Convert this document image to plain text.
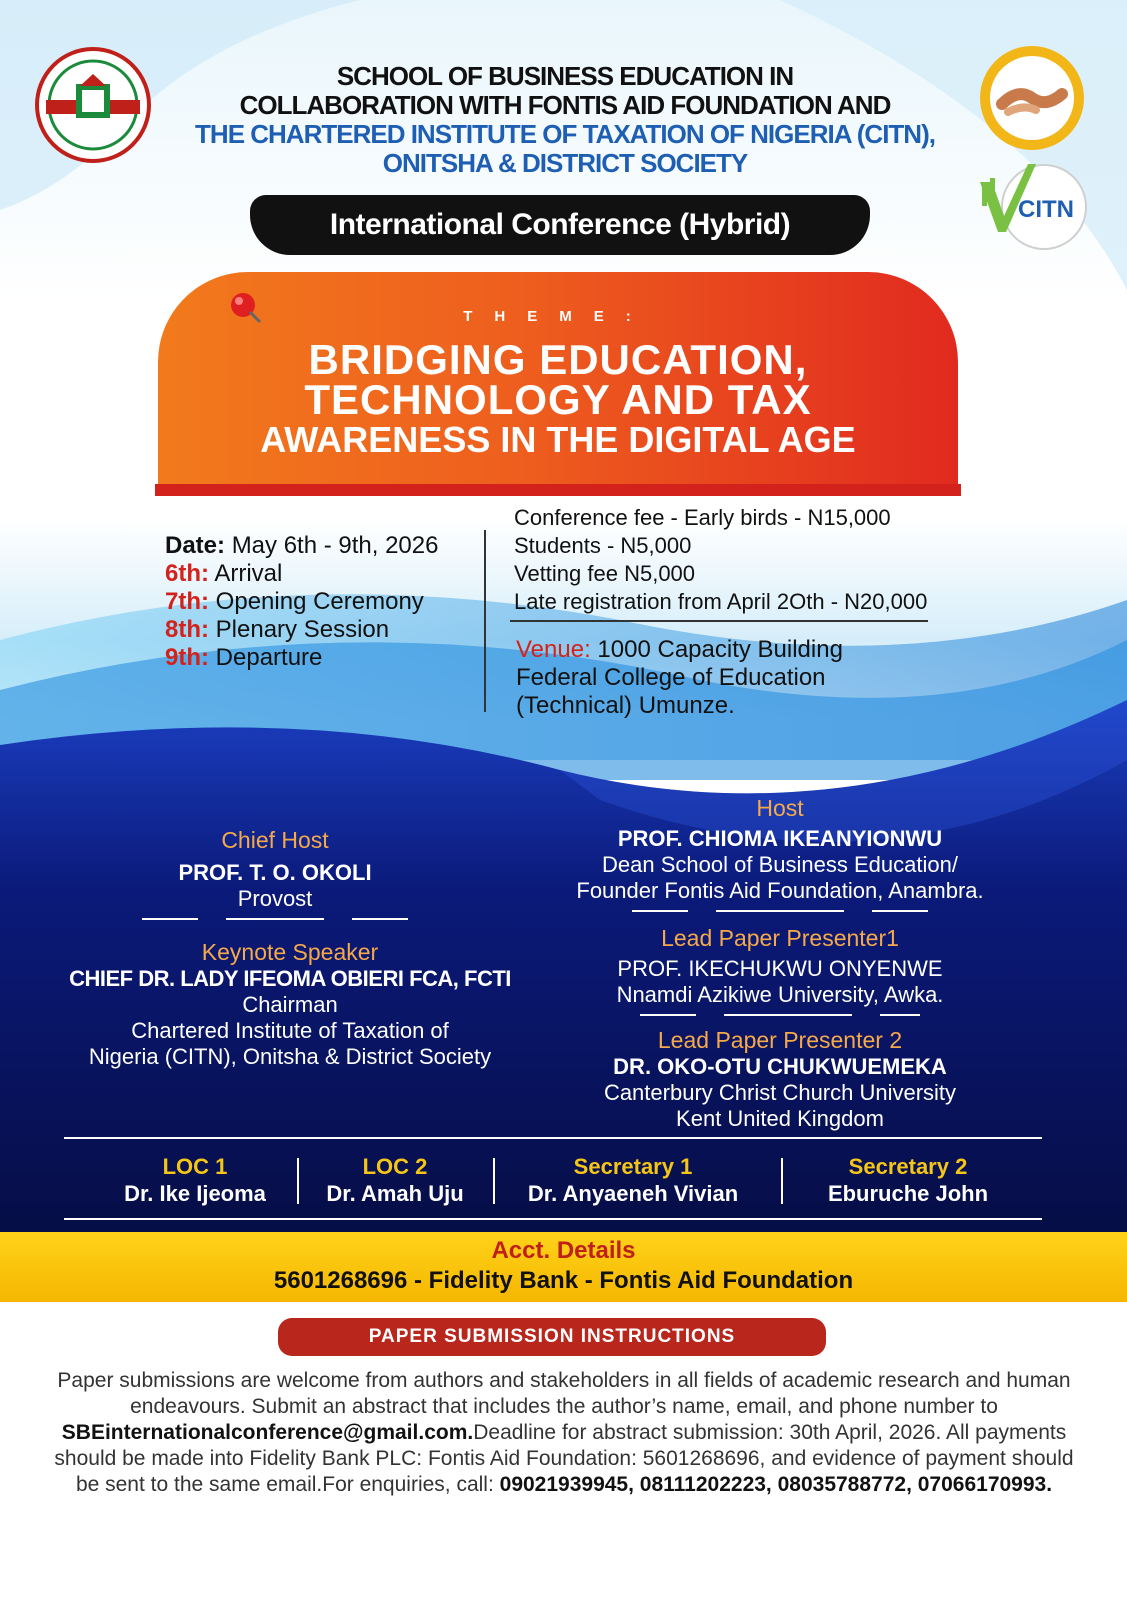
CITN
SCHOOL OF BUSINESS EDUCATION IN
COLLABORATION WITH FONTIS AID FOUNDATION AND
THE CHARTERED INSTITUTE OF TAXATION OF NIGERIA (CITN),
ONITSHA & DISTRICT SOCIETY
International Conference (Hybrid)
THEME:
BRIDGING EDUCATION,
TECHNOLOGY AND TAX
AWARENESS IN THE DIGITAL AGE
Date: May 6th - 9th, 2026
6th: Arrival
7th: Opening Ceremony
8th: Plenary Session
9th: Departure
Conference fee - Early birds - N15,000
Students - N5,000
Vetting fee N5,000
Late registration from April 2Oth - N20,000
Venue: 1000 Capacity Building
Federal College of Education
(Technical) Umunze.
Chief Host
PROF. T. O. OKOLI
Provost
Keynote Speaker
CHIEF DR. LADY IFEOMA OBIERI FCA, FCTI
Chairman
Chartered Institute of Taxation of
Nigeria (CITN), Onitsha & District Society
Host
PROF. CHIOMA IKEANYIONWU
Dean School of Business Education/
Founder Fontis Aid Foundation, Anambra.
Lead Paper Presenter1
PROF. IKECHUKWU ONYENWE
Nnamdi Azikiwe University, Awka.
Lead Paper Presenter 2
DR. OKO-OTU CHUKWUEMEKA
Canterbury Christ Church University
Kent United Kingdom
LOC 1
Dr. Ike Ijeoma
LOC 2
Dr. Amah Uju
Secretary 1
Dr. Anyaeneh Vivian
Secretary 2
Eburuche John
Acct. Details
5601268696 - Fidelity Bank - Fontis Aid Foundation
PAPER SUBMISSION INSTRUCTIONS
Paper submissions are welcome from authors and stakeholders in all fields of academic research and human endeavours. Submit an abstract that includes the author’s name, email, and phone number to SBEinternationalconference@gmail.com.Deadline for abstract submission: 30th April, 2026. All payments should be made into Fidelity Bank PLC: Fontis Aid Foundation: 5601268696, and evidence of payment should be sent to the same email.For enquiries, call: 09021939945, 08111202223, 08035788772, 07066170993.
